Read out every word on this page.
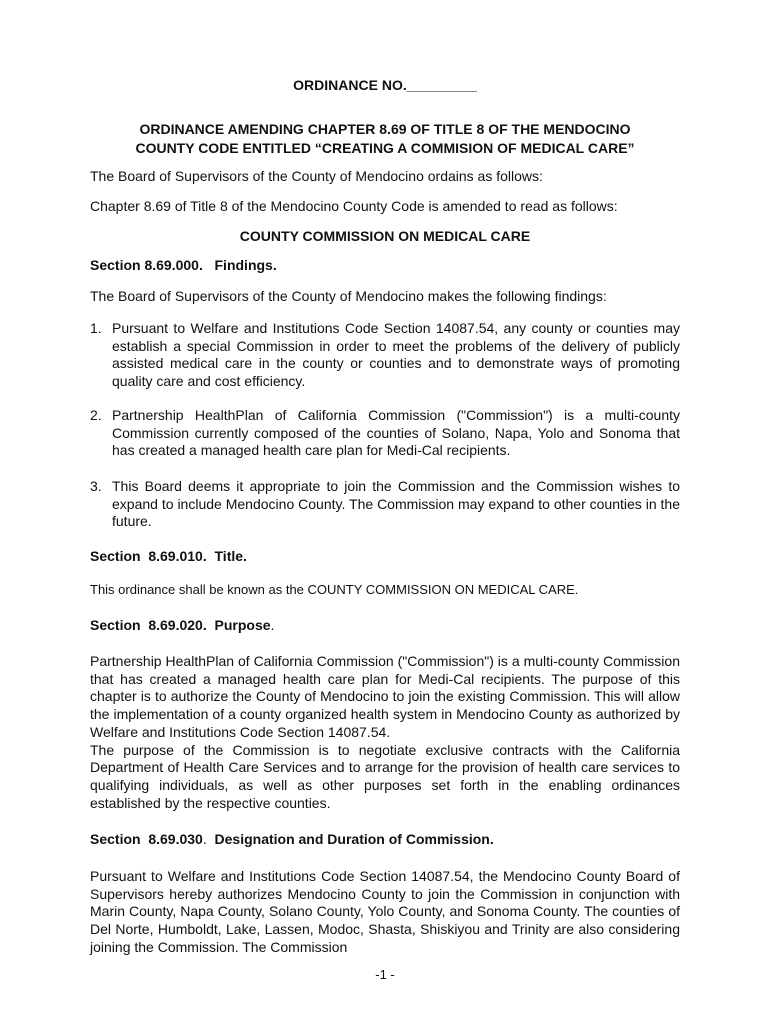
ORDINANCE NO._________
ORDINANCE AMENDING CHAPTER 8.69 OF TITLE 8 OF THE MENDOCINO
COUNTY CODE ENTITLED “CREATING A COMMISION OF MEDICAL CARE”
The Board of Supervisors of the County of Mendocino ordains as follows:
Chapter 8.69 of Title 8 of the Mendocino County Code is amended to read as follows:
COUNTY COMMISSION ON MEDICAL CARE
Section 8.69.000.   Findings.
The Board of Supervisors of the County of Mendocino makes the following findings:
1. Pursuant to Welfare and Institutions Code Section 14087.54, any county or counties may establish a special Commission in order to meet the problems of the delivery of publicly assisted medical care in the county or counties and to demonstrate ways of promoting quality care and cost efficiency.
2. Partnership HealthPlan of California Commission ("Commission") is a multi-county Commission currently composed of the counties of Solano, Napa, Yolo and Sonoma that has created a managed health care plan for Medi-Cal recipients.
3. This Board deems it appropriate to join the Commission and the Commission wishes to expand to include Mendocino County. The Commission may expand to other counties in the future.
Section  8.69.010.  Title.
This ordinance shall be known as the COUNTY COMMISSION ON MEDICAL CARE.
Section  8.69.020.  Purpose.
Partnership HealthPlan of California Commission ("Commission") is a multi-county Commission that has created a managed health care plan for Medi-Cal recipients. The purpose of this chapter is to authorize the County of Mendocino to join the existing Commission. This will allow the implementation of a county organized health system in Mendocino County as authorized by Welfare and Institutions Code Section 14087.54.
The purpose of the Commission is to negotiate exclusive contracts with the California Department of Health Care Services and to arrange for the provision of health care services to qualifying individuals, as well as other purposes set forth in the enabling ordinances established by the respective counties.
Section  8.69.030.  Designation and Duration of Commission.
Pursuant to Welfare and Institutions Code Section 14087.54, the Mendocino County Board of Supervisors hereby authorizes Mendocino County to join the Commission in conjunction with Marin County, Napa County, Solano County, Yolo County, and Sonoma County. The counties of Del Norte, Humboldt, Lake, Lassen, Modoc, Shasta, Shiskiyou and Trinity are also considering joining the Commission. The Commission
-1 -
